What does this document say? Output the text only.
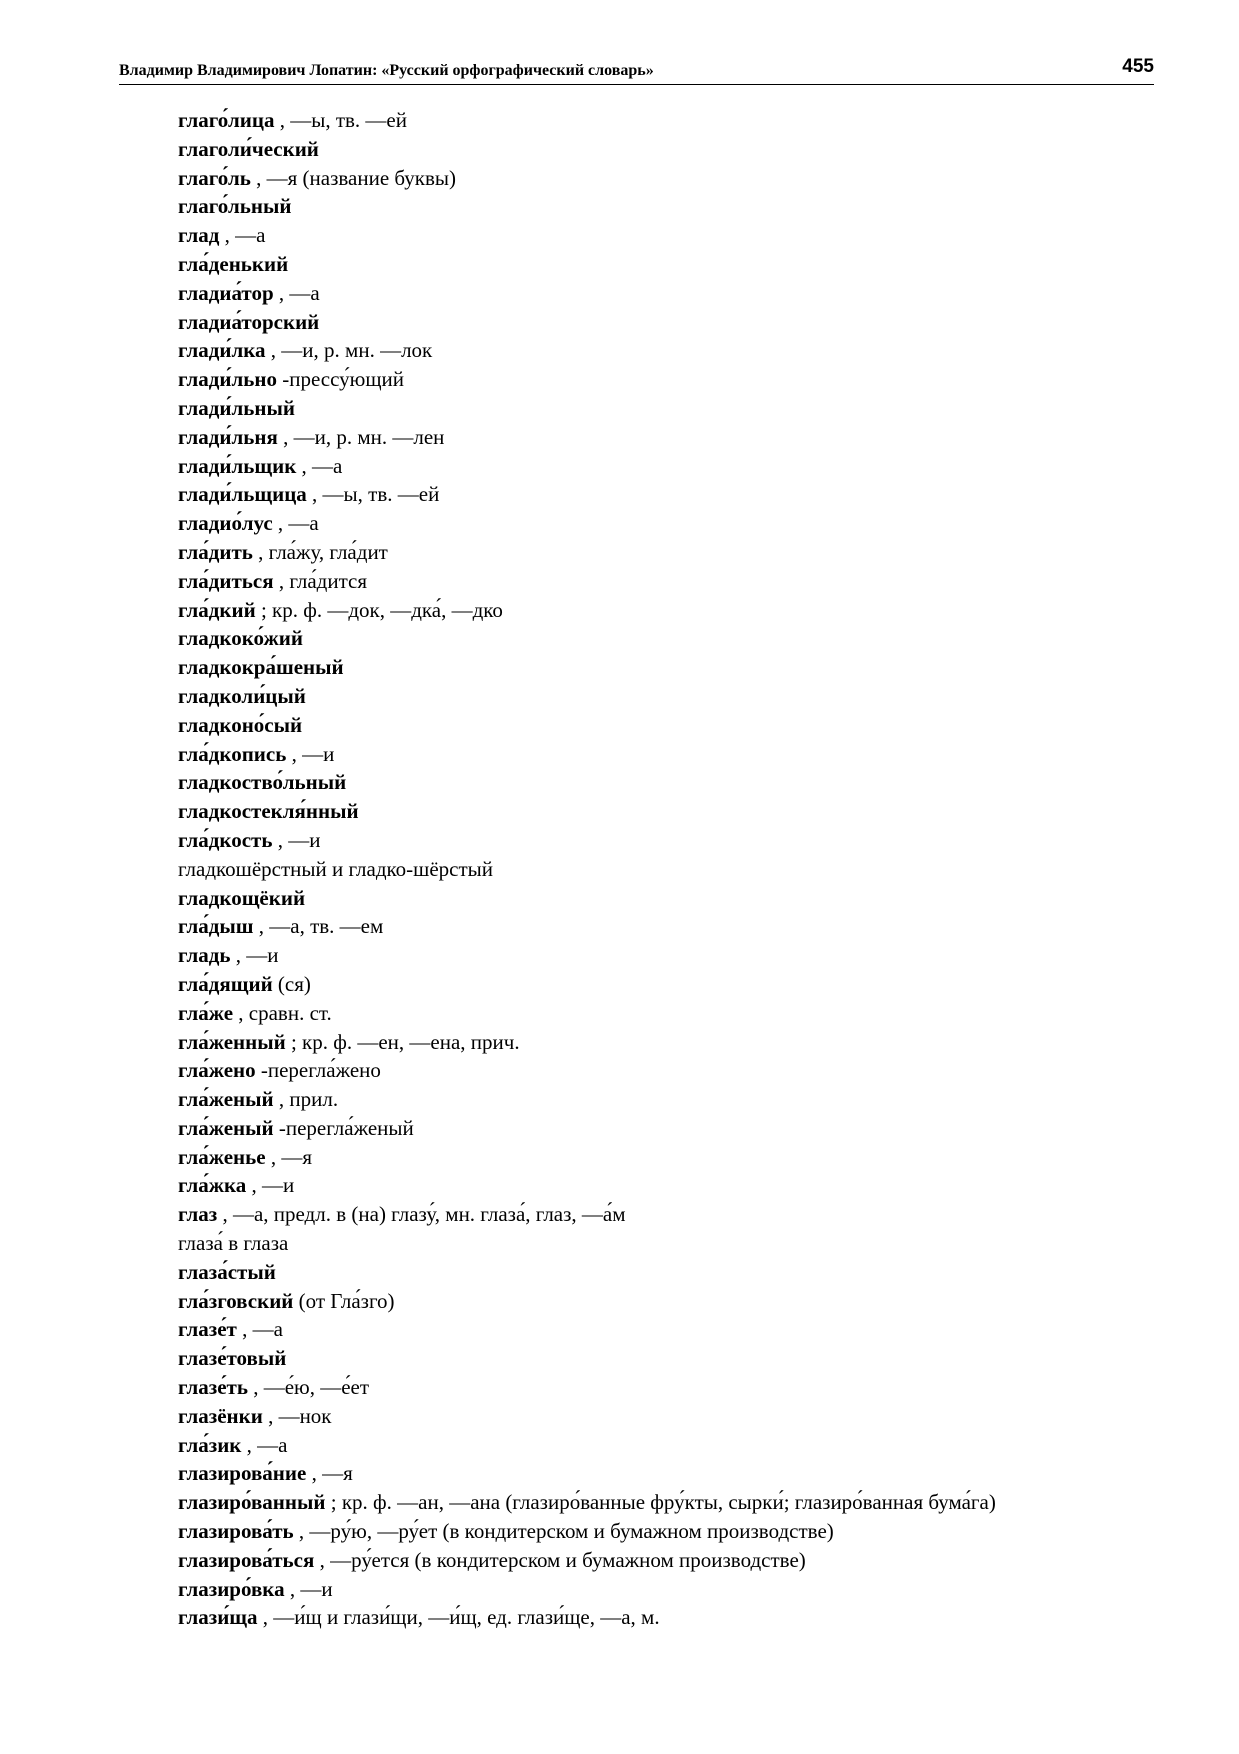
Владимир Владимирович Лопатин: «Русский орфографический словарь»	455

глаго́лица , —ы, тв. —ей

глаголи́ческий

глаго́ль , —я (название буквы)

глаго́льный

глад , —а

гла́денький

гладиа́тор , —а

гладиа́торский

глади́лка , —и, р. мн. —лок

глади́льно -прессу́ющий

глади́льный

глади́льня , —и, р. мн. —лен

глади́льщик , —а

глади́льщица , —ы, тв. —ей

гладио́лус , —а

гла́дить , гла́жу, гла́дит

гла́диться , гла́дится

гла́дкий ; кр. ф. —док, —дка́, —дко

гладкоко́жий

гладкокра́шеный

гладколи́цый

гладконо́сый

гла́дкопись , —и

гладкоство́льный

гладкостекля́нный

гла́дкость , —и

гладкошёрстный и гладко-шёрстый

гладкощёкий

гла́дыш , —а, тв. —ем

гладь , —и

гла́дящий (ся)

гла́же , сравн. ст.

гла́женный ; кр. ф. —ен, —ена, прич.

гла́жено -перегла́жено

гла́женый , прил.

гла́женый -перегла́женый

гла́женье , —я

гла́жка , —и

глаз , —а, предл. в (на) глазу́, мн. глаза́, глаз, —а́м

глаза́ в глаза

глаза́стый

гла́зговский (от Гла́зго)

глазе́т , —а

глазе́товый

глазе́ть , —е́ю, —е́ет

глазёнки , —нок

гла́зик , —а

глазирова́ние , —я

глазиро́ванный ; кр. ф. —ан, —ана (глазиро́ванные фру́кты, сырки́; глазиро́ванная бума́га)

глазирова́ть , —ру́ю, —ру́ет (в кондитерском и бумажном производстве)

глазирова́ться , —ру́ется (в кондитерском и бумажном производстве)

глазиро́вка , —и

глази́ща , —и́щ и глази́щи, —и́щ, ед. глази́ще, —а, м.
